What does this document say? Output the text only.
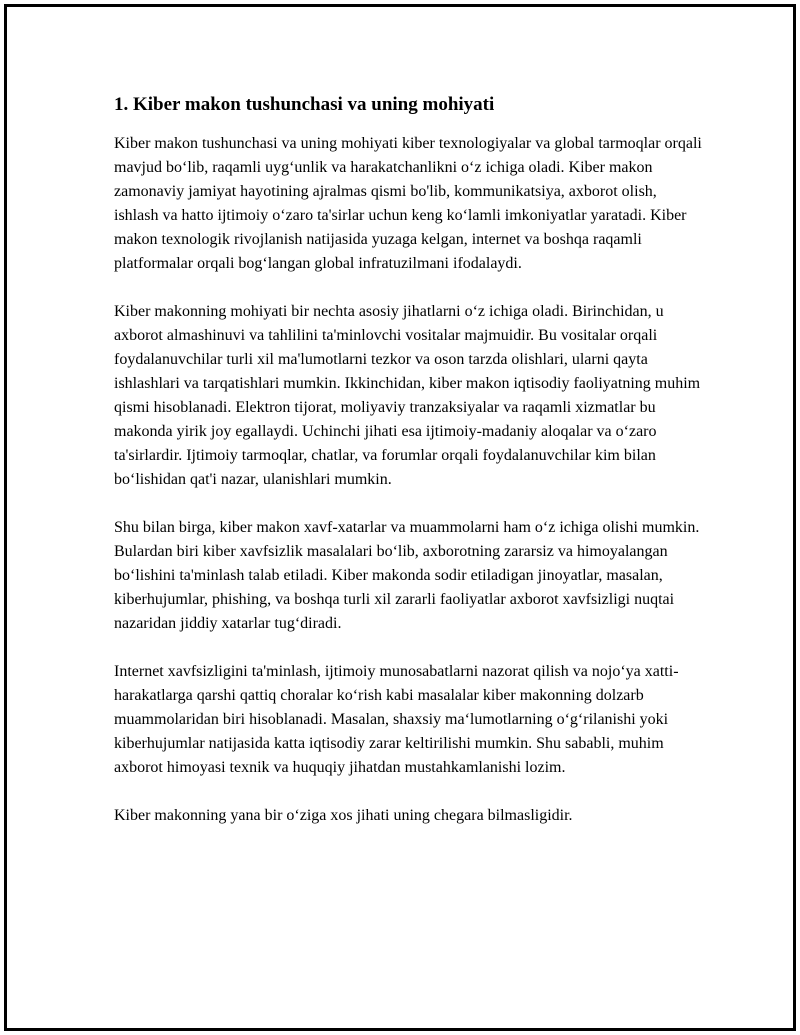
1. Kiber makon tushunchasi va uning mohiyati

Kiber makon tushunchasi va uning mohiyati kiber texnologiyalar va global tarmoqlar orqali mavjud bo‘lib, raqamli uyg‘unlik va harakatchanlikni o‘z ichiga oladi. Kiber makon zamonaviy jamiyat hayotining ajralmas qismi bo'lib, kommunikatsiya, axborot olish, ishlash va hatto ijtimoiy o‘zaro ta'sirlar uchun keng ko‘lamli imkoniyatlar yaratadi. Kiber makon texnologik rivojlanish natijasida yuzaga kelgan, internet va boshqa raqamli platformalar orqali bog‘langan global infratuzilmani ifodalaydi.

Kiber makonning mohiyati bir nechta asosiy jihatlarni o‘z ichiga oladi. Birinchidan, u axborot almashinuvi va tahlilini ta'minlovchi vositalar majmuidir. Bu vositalar orqali foydalanuvchilar turli xil ma'lumotlarni tezkor va oson tarzda olishlari, ularni qayta ishlashlari va tarqatishlari mumkin. Ikkinchidan, kiber makon iqtisodiy faoliyatning muhim qismi hisoblanadi. Elektron tijorat, moliyaviy tranzaksiyalar va raqamli xizmatlar bu makonda yirik joy egallaydi. Uchinchi jihati esa ijtimoiy-madaniy aloqalar va o‘zaro ta'sirlardir. Ijtimoiy tarmoqlar, chatlar, va forumlar orqali foydalanuvchilar kim bilan bo‘lishidan qat'i nazar, ulanishlari mumkin.

Shu bilan birga, kiber makon xavf-xatarlar va muammolarni ham o‘z ichiga olishi mumkin. Bulardan biri kiber xavfsizlik masalalari bo‘lib, axborotning zararsiz va himoyalangan bo‘lishini ta'minlash talab etiladi. Kiber makonda sodir etiladigan jinoyatlar, masalan, kiberhujumlar, phishing, va boshqa turli xil zararli faoliyatlar axborot xavfsizligi nuqtai nazaridan jiddiy xatarlar tug‘diradi.

Internet xavfsizligini ta'minlash, ijtimoiy munosabatlarni nazorat qilish va nojo‘ya xatti-harakatlarga qarshi qattiq choralar ko‘rish kabi masalalar kiber makonning dolzarb muammolaridan biri hisoblanadi. Masalan, shaxsiy ma‘lumotlarning o‘g‘rilanishi yoki kiberhujumlar natijasida katta iqtisodiy zarar keltirilishi mumkin. Shu sababli, muhim axborot himoyasi texnik va huquqiy jihatdan mustahkamlanishi lozim.

Kiber makonning yana bir o‘ziga xos jihati uning chegara bilmasligidir.
